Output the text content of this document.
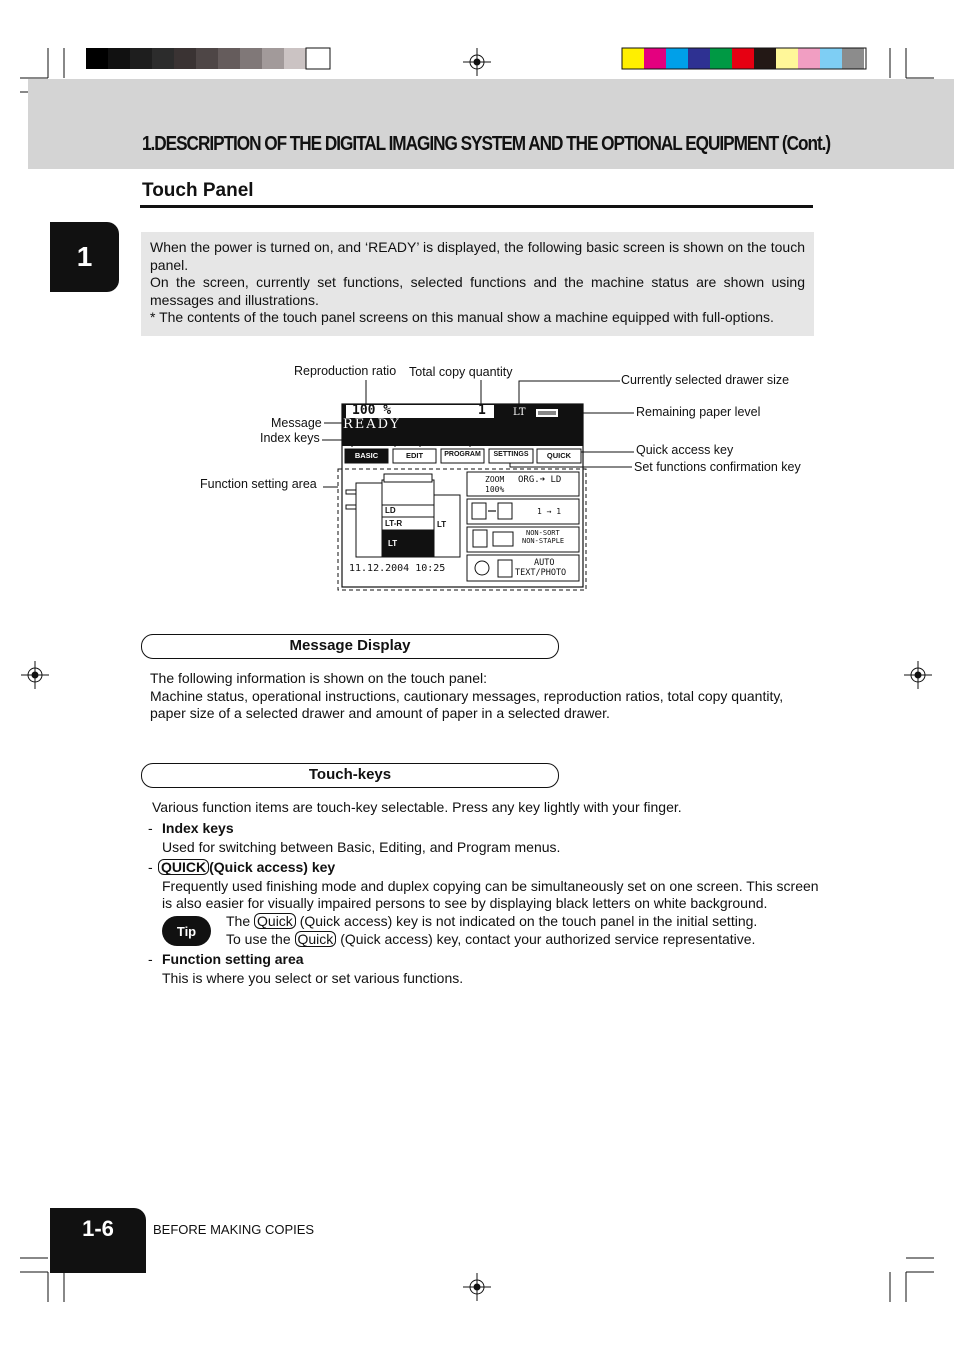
1.DESCRIPTION OF THE DIGITAL IMAGING SYSTEM AND THE OPTIONAL EQUIPMENT (Cont.)
Touch Panel
1	When the power is turned on, and ‘READY’ is displayed, the following basic screen is shown on the touch panel.

On the screen, currently set functions, selected functions and the machine status are shown using messages and illustrations.

* The contents of the touch panel screens on this manual show a machine equipped with full-options.

Reproduction ratio Total copy quantity
Currently selected drawer size
Remaining paper level
Message
Index keys
Quick access key
Set functions confirmation key
Function setting area
100 %	1	LT
READY
BASIC	EDIT	PROGRAM	SETTINGS	QUICK
ZOOM
100%
ORG.➜ LD
1 → 1
NON-SORT
NON-STAPLE
AUTO
TEXT/PHOTO
LD
LT-R
LT
LT
11.12.2004 10:25
Message Display
The following information is shown on the touch panel:
Machine status, operational instructions, cautionary messages, reproduction ratios, total copy quantity,
paper size of a selected drawer and amount of paper in a selected drawer.
Touch-keys
Various function items are touch-key selectable. Press any key lightly with your finger.
- Index keys
Used for switching between Basic, Editing, and Program menus.
- QUICK (Quick access) key
Frequently used finishing mode and duplex copying can be simultaneously set on one screen. This screen
is also easier for visually impaired persons to see by displaying black letters on white background.
Tip
The Quick (Quick access) key is not indicated on the touch panel in the initial setting.
To use the Quick (Quick access) key, contact your authorized service representative.
- Function setting area
This is where you select or set various functions.
1-6	BEFORE MAKING COPIES
